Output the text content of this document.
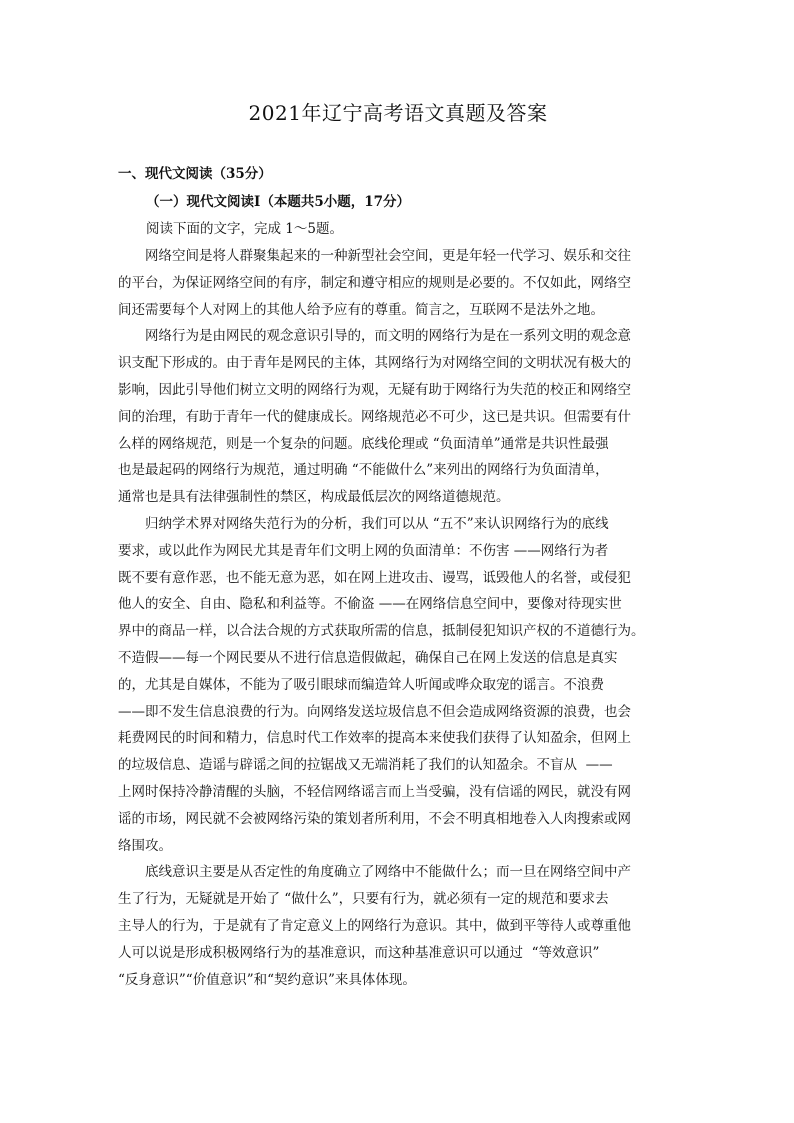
2021年辽宁高考语文真题及答案
一、现代文阅读（35分）
（一）现代文阅读Ⅰ（本题共5小题，17分）
阅读下面的文字，完成 1～5题。
网络空间是将人群聚集起来的一种新型社会空间，更是年轻一代学习、娱乐和交往
的平台，为保证网络空间的有序，制定和遵守相应的规则是必要的。不仅如此，网络空
间还需要每个人对网上的其他人给予应有的尊重。简言之，互联网不是法外之地。
网络行为是由网民的观念意识引导的，而文明的网络行为是在一系列文明的观念意
识支配下形成的。由于青年是网民的主体，其网络行为对网络空间的文明状况有极大的
影响，因此引导他们树立文明的网络行为观，无疑有助于网络行为失范的校正和网络空
间的治理，有助于青年一代的健康成长。网络规范必不可少，这已是共识。但需要有什
么样的网络规范，则是一个复杂的问题。底线伦理或 “负面清单”通常是共识性最强
也是最起码的网络行为规范，通过明确 “不能做什么”来列出的网络行为负面清单，
通常也是具有法律强制性的禁区，构成最低层次的网络道德规范。
归纳学术界对网络失范行为的分析，我们可以从 “五不”来认识网络行为的底线
要求，或以此作为网民尤其是青年们文明上网的负面清单：不伤害 ——网络行为者
既不要有意作恶，也不能无意为恶，如在网上进攻击、谩骂，诋毁他人的名誉，或侵犯
他人的安全、自由、隐私和利益等。不偷盗 ——在网络信息空间中，要像对待现实世
界中的商品一样，以合法合规的方式获取所需的信息，抵制侵犯知识产权的不道德行为。
不造假——每一个网民要从不进行信息造假做起，确保自己在网上发送的信息是真实
的，尤其是自媒体，不能为了吸引眼球而编造耸人听闻或哗众取宠的谣言。不浪费
——即不发生信息浪费的行为。向网络发送垃圾信息不但会造成网络资源的浪费，也会
耗费网民的时间和精力，信息时代工作效率的提高本来使我们获得了认知盈余，但网上
的垃圾信息、造谣与辟谣之间的拉锯战又无端消耗了我们的认知盈余。不盲从  ——
上网时保持冷静清醒的头脑，不轻信网络谣言而上当受骗，没有信谣的网民，就没有网
谣的市场，网民就不会被网络污染的策划者所利用，不会不明真相地卷入人肉搜索或网
络围攻。
底线意识主要是从否定性的角度确立了网络中不能做什么；而一旦在网络空间中产
生了行为，无疑就是开始了 “做什么”，只要有行为，就必须有一定的规范和要求去
主导人的行为，于是就有了肯定意义上的网络行为意识。其中，做到平等待人或尊重他
人可以说是形成积极网络行为的基准意识，而这种基准意识可以通过  “等效意识”
“反身意识”“价值意识”和“契约意识”来具体体现。
